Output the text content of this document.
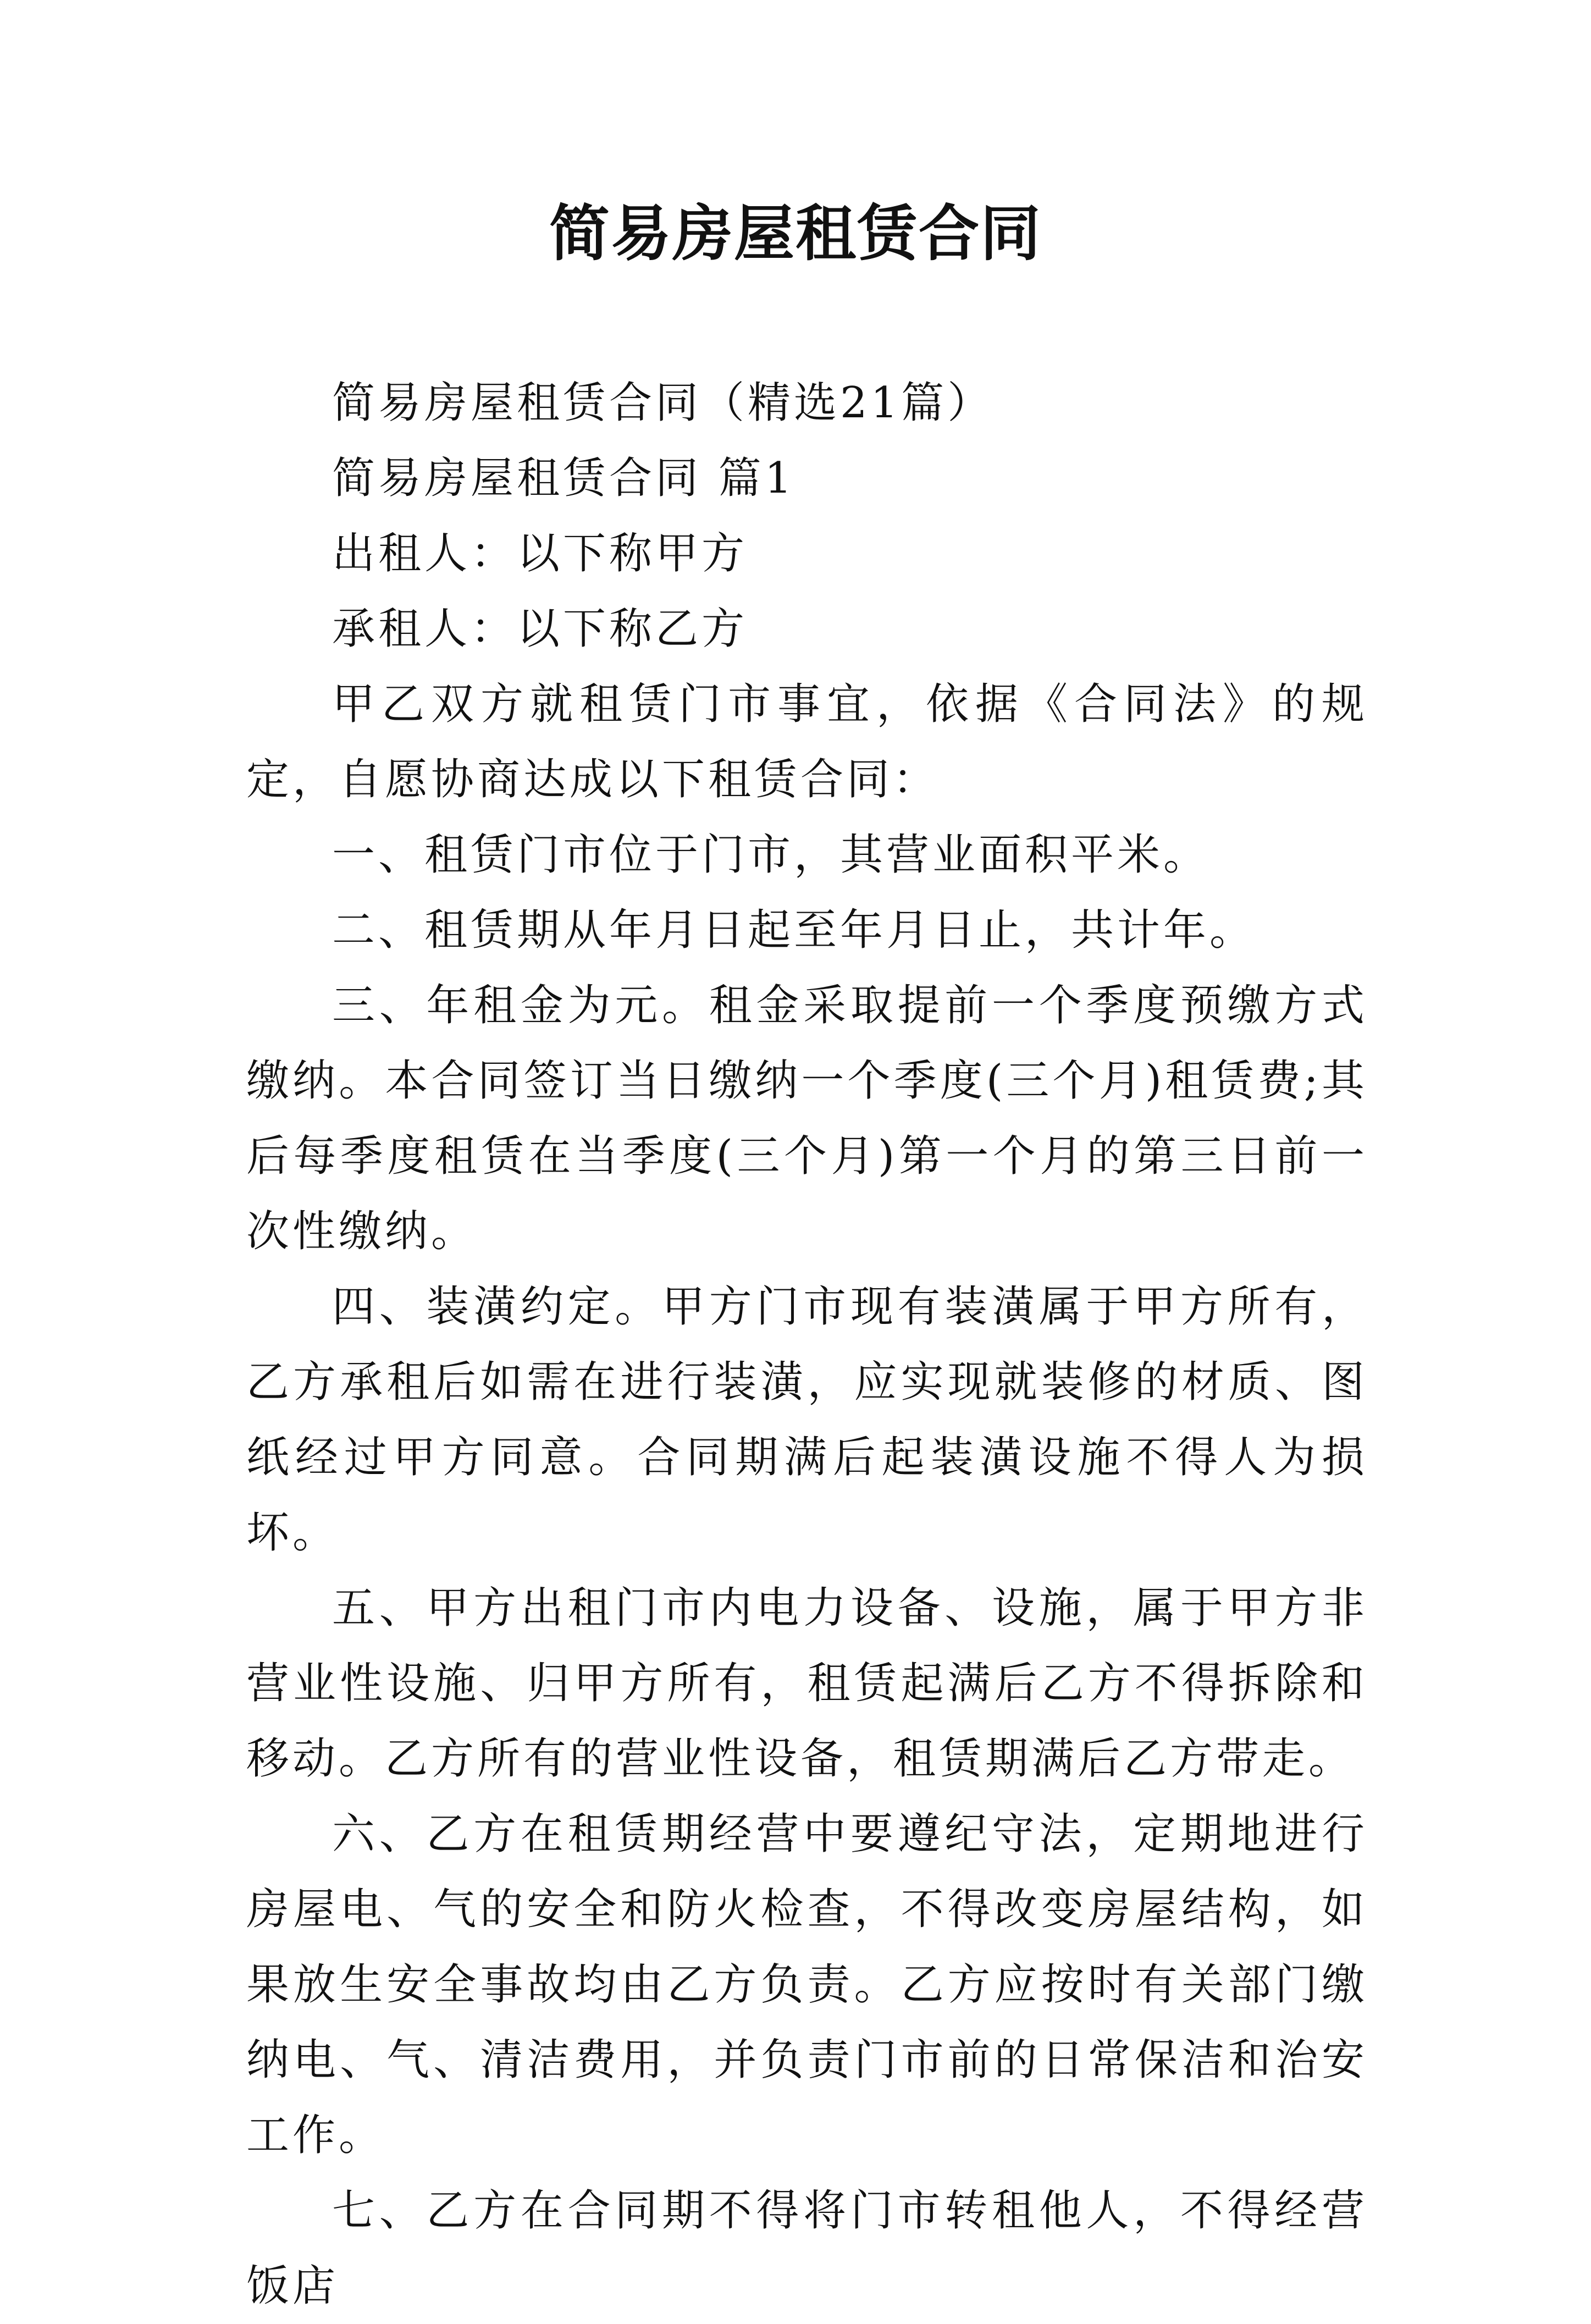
简易房屋租赁合同

简易房屋租赁合同（精选21篇）

简易房屋租赁合同 篇1

出租人：以下称甲方

承租人：以下称乙方

甲乙双方就租赁门市事宜，依据《合同法》的规定，自愿协商达成以下租赁合同：

一、租赁门市位于门市，其营业面积平米。

二、租赁期从年月日起至年月日止，共计年。

三、年租金为元。租金采取提前一个季度预缴方式缴纳。本合同签订当日缴纳一个季度(三个月)租赁费;其后每季度租赁在当季度(三个月)第一个月的第三日前一次性缴纳。

四、装潢约定。甲方门市现有装潢属于甲方所有，乙方承租后如需在进行装潢，应实现就装修的材质、图纸经过甲方同意。合同期满后起装潢设施不得人为损坏。

五、甲方出租门市内电力设备、设施，属于甲方非营业性设施、归甲方所有，租赁起满后乙方不得拆除和移动。乙方所有的营业性设备，租赁期满后乙方带走。

六、乙方在租赁期经营中要遵纪守法，定期地进行房屋电、气的安全和防火检查，不得改变房屋结构，如果放生安全事故均由乙方负责。乙方应按时有关部门缴纳电、气、清洁费用，并负责门市前的日常保洁和治安工作。

七、乙方在合同期不得将门市转租他人，不得经营饭店
